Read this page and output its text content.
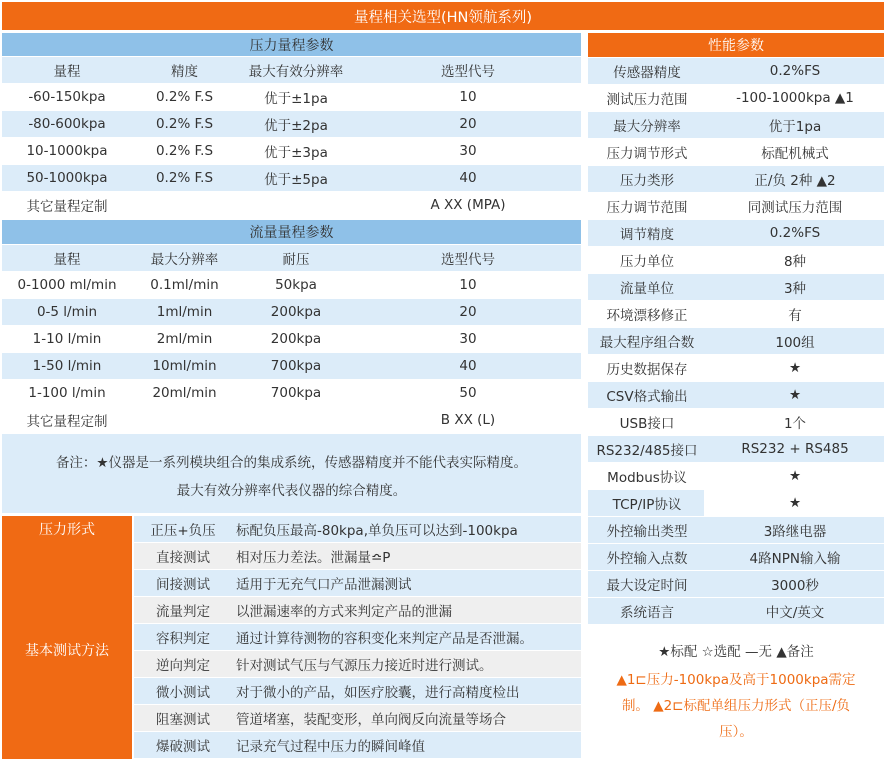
量程相关选型(HN领航系列)
压力量程参数
量程	精度	最大有效分辨率	选型代号
-60-150kpa	0.2% F.S	优于±1pa	10
-80-600kpa	0.2% F.S	优于±2pa	20
10-1000kpa	0.2% F.S	优于±3pa	30
50-1000kpa	0.2% F.S	优于±5pa	40
其它量程定制	A XX (MPA)
流量量程参数
量程	最大分辨率	耐压	选型代号
0-1000 ml/min	0.1ml/min	50kpa	10
0-5 l/min	1ml/min	200kpa	20
1-10 l/min	2ml/min	200kpa	30
1-50 l/min	10ml/min	700kpa	40
1-100 l/min	20ml/min	700kpa	50
其它量程定制	B XX (L)
备注：★仪器是一系列模块组合的集成系统，传感器精度并不能代表实际精度。
最大有效分辨率代表仪器的综合精度。
压力形式
基本测试方法
正压+负压	标配负压最高-80kpa,单负压可以达到-100kpa
直接测试	相对压力差法。泄漏量≏P
间接测试	适用于无充气口产品泄漏测试
流量判定	以泄漏速率的方式来判定产品的泄漏
容积判定	通过计算待测物的容积变化来判定产品是否泄漏。
逆向判定	针对测试气压与气源压力接近时进行测试。
微小测试	对于微小的产品，如医疗胶囊，进行高精度检出
阻塞测试	管道堵塞，装配变形，单向阀反向流量等场合
爆破测试	记录充气过程中压力的瞬间峰值
性能参数
传感器精度	0.2%FS
测试压力范围	-100-1000kpa ▲1
最大分辨率	优于1pa
压力调节形式	标配机械式
压力类形	正/负 2种 ▲2
压力调节范围	同测试压力范围
调节精度	0.2%FS
压力单位	8种
流量单位	3种
环境漂移修正	有
最大程序组合数	100组
历史数据保存	★
CSV格式输出	★
USB接口	1个
RS232/485接口	RS232 + RS485
Modbus协议	★
TCP/IP协议	★
外控输出类型	3路继电器
外控输入点数	4路NPN输入输
最大设定时间	3000秒
系统语言	中文/英文
★标配 ☆选配 —无 ▲备注
▲1⊏压力-100kpa及高于1000kpa需定
制。 ▲2⊏标配单组压力形式（正压/负
压）。
